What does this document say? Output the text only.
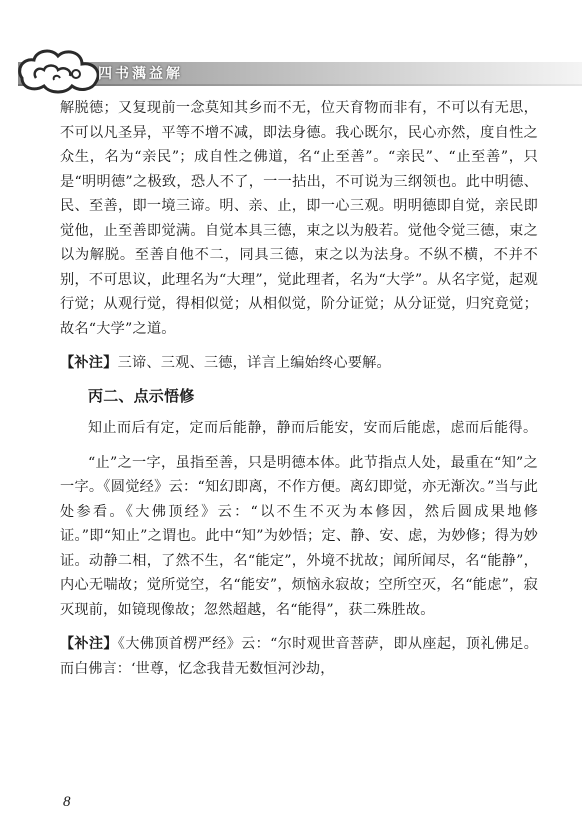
四书蕅益解

解脱德；又复现前一念莫知其乡而不无，位天育物而非有，不可以有无思，不可以凡圣异，平等不增不减，即法身德。我心既尔，民心亦然，度自性之众生，名为“亲民”；成自性之佛道，名“止至善”。“亲民”、“止至善”，只是“明明德”之极致，恐人不了，一一拈出，不可说为三纲领也。此中明德、民、至善，即一境三谛。明、亲、止，即一心三观。明明德即自觉，亲民即觉他，止至善即觉满。自觉本具三德，束之以为般若。觉他令觉三德，束之以为解脱。至善自他不二，同具三德，束之以为法身。不纵不横，不并不别，不可思议，此理名为“大理”，觉此理者，名为“大学”。从名字觉，起观行觉；从观行觉，得相似觉；从相似觉，阶分证觉；从分证觉，归究竟觉；故名“大学”之道。

【补注】三谛、三观、三德，详言上编始终心要解。

丙二、点示悟修

知止而后有定，定而后能静，静而后能安，安而后能虑，虑而后能得。

“止”之一字，虽指至善，只是明德本体。此节指点人处，最重在“知”之一字。《圆觉经》云：“知幻即离，不作方便。离幻即觉，亦无渐次。”当与此处参看。《大佛顶经》云：“以不生不灭为本修因，然后圆成果地修证。”即“知止”之谓也。此中“知”为妙悟；定、静、安、虑，为妙修；得为妙证。动静二相，了然不生，名“能定”，外境不扰故；闻所闻尽，名“能静”，内心无喘故；觉所觉空，名“能安”，烦恼永寂故；空所空灭，名“能虑”，寂灭现前，如镜现像故；忽然超越，名“能得”，获二殊胜故。

【补注】《大佛顶首楞严经》云：“尔时观世音菩萨，即从座起，顶礼佛足。而白佛言：‘世尊，忆念我昔无数恒河沙劫，

8
